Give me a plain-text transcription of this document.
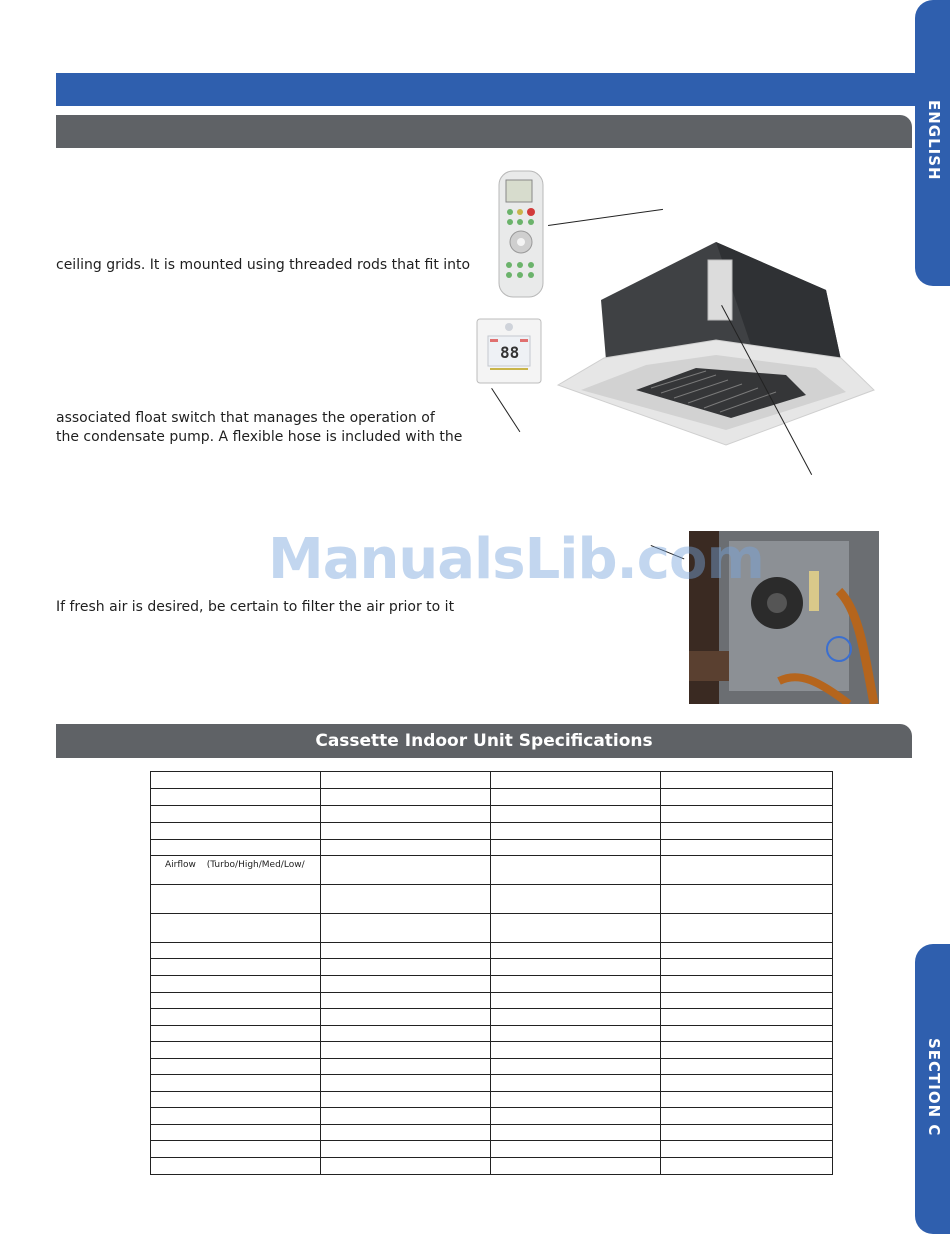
ENGLISH
SECTION C
ceiling grids. It is mounted using threaded rods that fit into
associated float switch that manages the operation of
the condensate pump. A flexible hose is included with the
If fresh air is desired, be certain to filter the air prior to it
88
ManualsLib.com
Cassette Indoor Unit Specifications

Airflow (Turbo/High/Med/Low/			
